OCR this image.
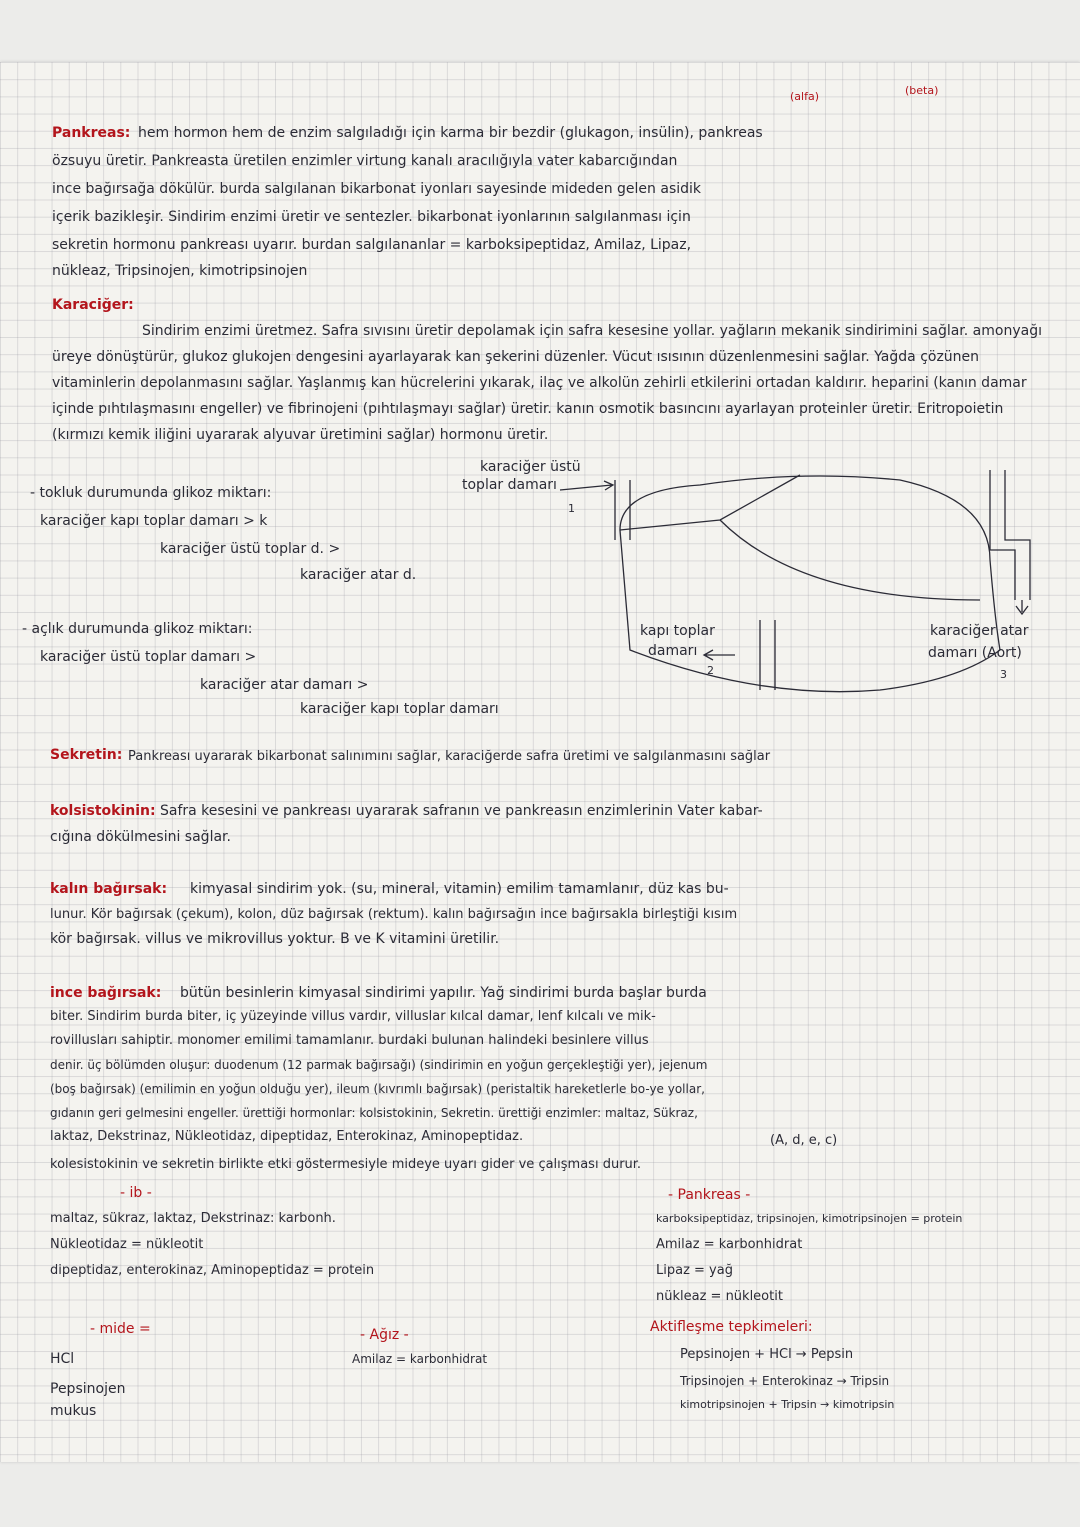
(alfa)	(beta)
Pankreas: hem hormon hem de enzim salgıladığı için karma bir bezdir (glukagon, insülin), pankreas
özsuyu üretir. Pankreasta üretilen enzimler virtung kanalı aracılığıyla vater kabarcığından
ince bağırsağa dökülür. burda salgılanan bikarbonat iyonları sayesinde mideden gelen asidik
içerik bazikleşir. Sindirim enzimi üretir ve sentezler. bikarbonat iyonlarının salgılanması için
sekretin hormonu pankreası uyarır. burdan salgılananlar = karboksipeptidaz, Amilaz, Lipaz,
nükleaz, Tripsinojen, kimotripsinojen
Karaciğer:
Sindirim enzimi üretmez. Safra sıvısını üretir depolamak için safra kesesine yollar. yağların mekanik sindirimini sağlar. amonyağı üreye dönüştürür, glukoz glukojen dengesini ayarlayarak kan şekerini düzenler. Vücut ısısının düzenlenmesini sağlar. Yağda çözünen vitaminlerin depolanmasını sağlar. Yaşlanmış kan hücrelerini yıkarak, ilaç ve alkolün zehirli etkilerini ortadan kaldırır. heparini (kanın damar içinde pıhtılaşmasını engeller) ve fibrinojeni (pıhtılaşmayı sağlar) üretir. kanın osmotik basıncını ayarlayan proteinler üretir. Eritropoietin (kırmızı kemik iliğini uyararak alyuvar üretimini sağlar) hormonu üretir.
- tokluk durumunda glikoz miktarı:
karaciğer kapı toplar damarı > k
karaciğer üstü toplar d. >
karaciğer atar d.
- açlık durumunda glikoz miktarı:
karaciğer üstü toplar damarı >
karaciğer atar damarı >
karaciğer kapı toplar damarı
karaciğer üstü
toplar damarı
1
kapı toplar
damarı
2
karaciğer atar
damarı (Aort)
3
Sekretin: Pankreası uyararak bikarbonat salınımını sağlar, karaciğerde safra üretimi ve salgılanmasını sağlar
kolsistokinin: Safra kesesini ve pankreası uyararak safranın ve pankreasın enzimlerinin Vater kabar-
cığına dökülmesini sağlar.
kalın bağırsak: kimyasal sindirim yok. (su, mineral, vitamin) emilim tamamlanır, düz kas bu-
lunur. Kör bağırsak (çekum), kolon, düz bağırsak (rektum). kalın bağırsağın ince bağırsakla birleştiği kısım
kör bağırsak. villus ve mikrovillus yoktur. B ve K vitamini üretilir.
ince bağırsak: bütün besinlerin kimyasal sindirimi yapılır. Yağ sindirimi burda başlar burda
biter. Sindirim burda biter, iç yüzeyinde villus vardır, villuslar kılcal damar, lenf kılcalı ve mik-
rovillusları sahiptir. monomer emilimi tamamlanır. burdaki bulunan halindeki besinlere villus
denir. üç bölümden oluşur: duodenum (12 parmak bağırsağı) (sindirimin en yoğun gerçekleştiği yer), jejenum
(boş bağırsak) (emilimin en yoğun olduğu yer), ileum (kıvrımlı bağırsak) (peristaltik hareketlerle bo-ye yollar,
gıdanın geri gelmesini engeller. ürettiği hormonlar: kolsistokinin, Sekretin. ürettiği enzimler: maltaz, Sükraz,
laktaz, Dekstrinaz, Nükleotidaz, dipeptidaz, Enterokinaz, Aminopeptidaz.	(A, d, e, c)
kolesistokinin ve sekretin birlikte etki göstermesiyle mideye uyarı gider ve çalışması durur.
- ib -
maltaz, sükraz, laktaz, Dekstrinaz: karbonh.
Nükleotidaz = nükleotit
dipeptidaz, enterokinaz, Aminopeptidaz = protein
- Pankreas -
karboksipeptidaz, tripsinojen, kimotripsinojen = protein
Amilaz = karbonhidrat
Lipaz = yağ
nükleaz = nükleotit
- mide =
HCl
Pepsinojen
mukus
- Ağız -
Amilaz = karbonhidrat
Aktifleşme tepkimeleri:
Pepsinojen + HCl → Pepsin
Tripsinojen + Enterokinaz → Tripsin
kimotripsinojen + Tripsin → kimotripsin
